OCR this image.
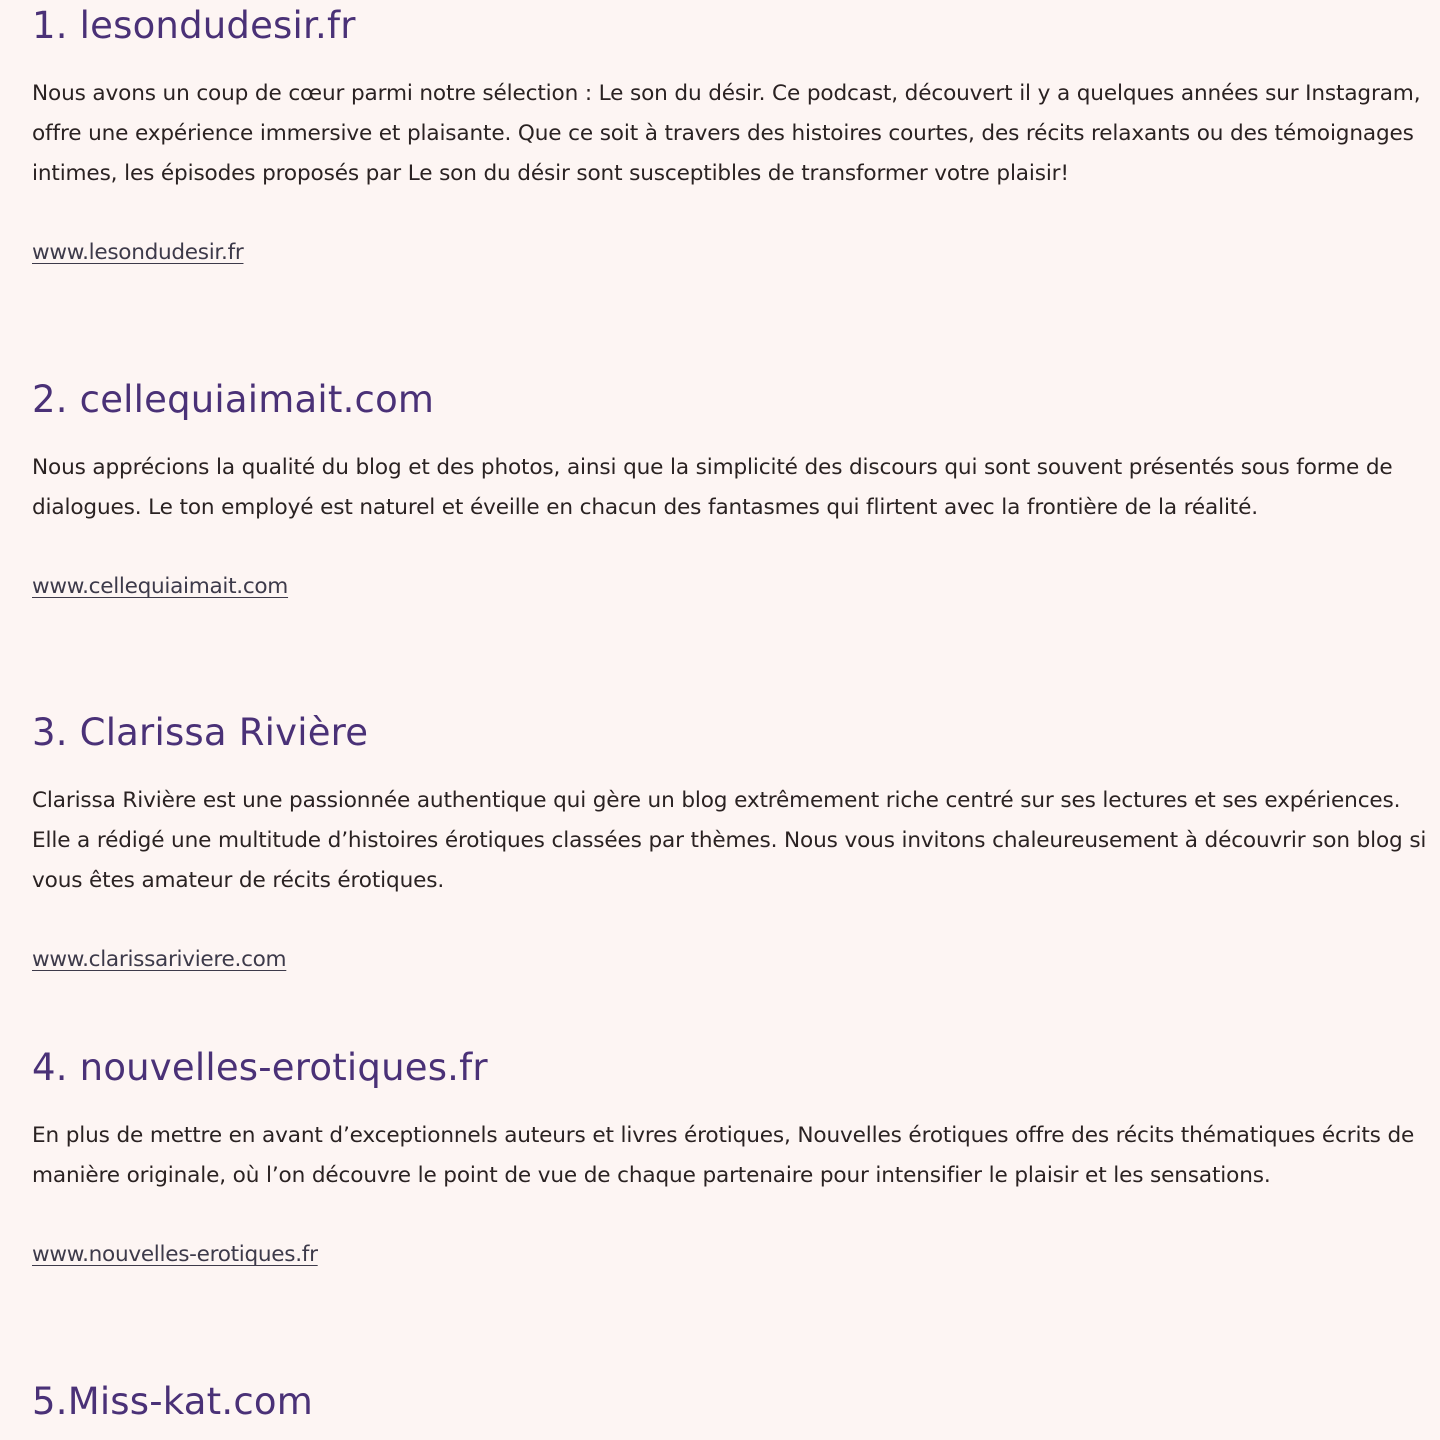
1. lesondudesir.fr

Nous avons un coup de cœur parmi notre sélection : Le son du désir. Ce podcast, découvert il y a quelques années sur Instagram, offre une expérience immersive et plaisante. Que ce soit à travers des histoires courtes, des récits relaxants ou des témoignages intimes, les épisodes proposés par Le son du désir sont susceptibles de transformer votre plaisir!

www.lesondudesir.fr
2. cellequiaimait.com

Nous apprécions la qualité du blog et des photos, ainsi que la simplicité des discours qui sont souvent présentés sous forme de dialogues. Le ton employé est naturel et éveille en chacun des fantasmes qui flirtent avec la frontière de la réalité.

www.cellequiaimait.com
3. Clarissa Rivière

Clarissa Rivière est une passionnée authentique qui gère un blog extrêmement riche centré sur ses lectures et ses expériences. Elle a rédigé une multitude d’histoires érotiques classées par thèmes. Nous vous invitons chaleureusement à découvrir son blog si vous êtes amateur de récits érotiques.

www.clarissariviere.com
4. nouvelles-erotiques.fr

En plus de mettre en avant d’exceptionnels auteurs et livres érotiques, Nouvelles érotiques offre des récits thématiques écrits de manière originale, où l’on découvre le point de vue de chaque partenaire pour intensifier le plaisir et les sensations.

www.nouvelles-erotiques.fr
5.Miss-kat.com
